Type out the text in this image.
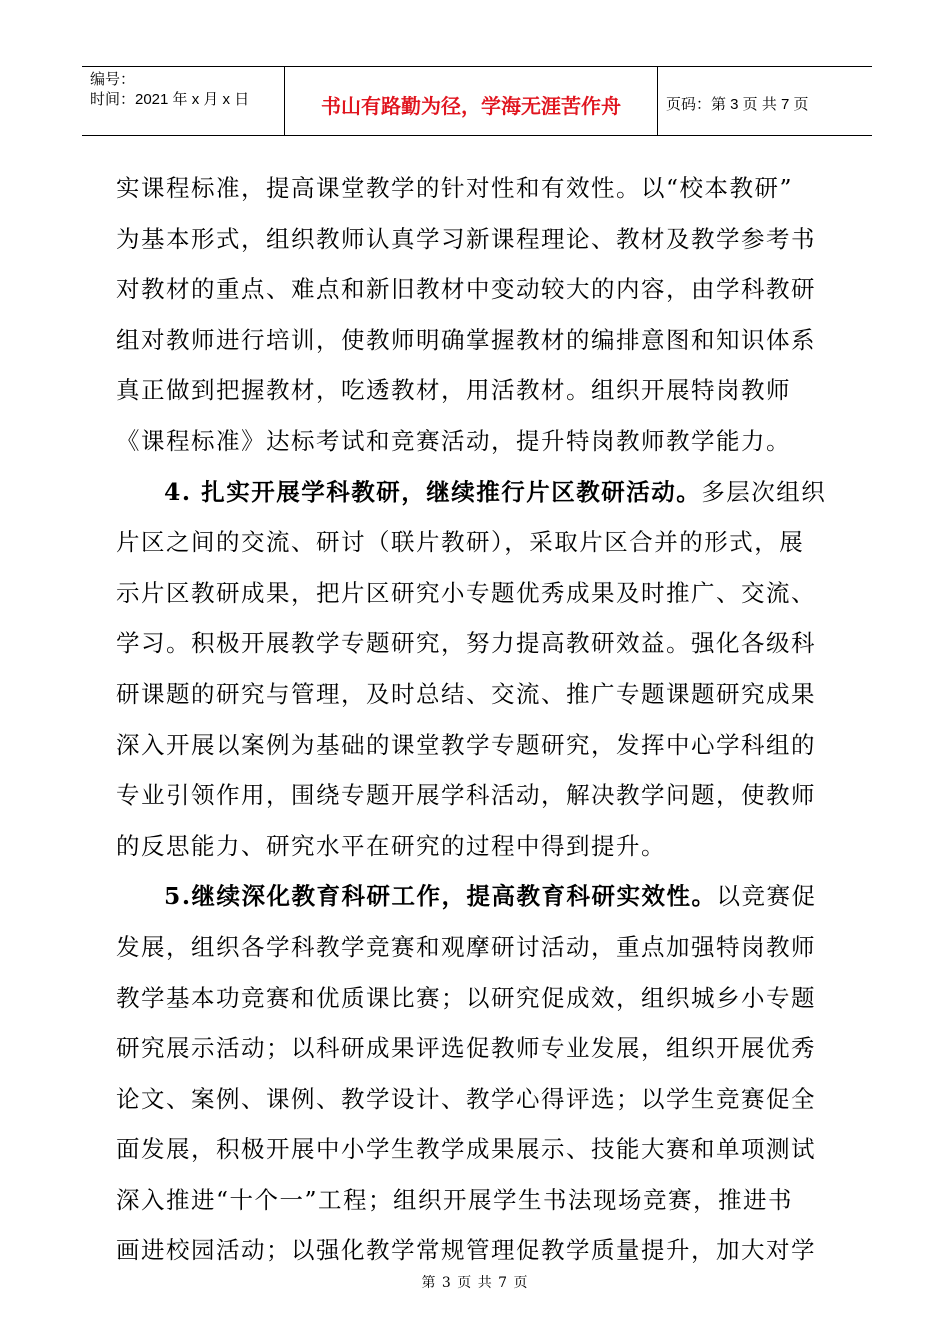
编号：
时间：2021 年 x 月 x 日	书山有路勤为径，学海无涯苦作舟	页码：第 3 页 共 7 页

实课程标准，提高课堂教学的针对性和有效性。以“校本教研”

为基本形式，组织教师认真学习新课程理论、教材及教学参考书

对教材的重点、难点和新旧教材中变动较大的内容，由学科教研

组对教师进行培训，使教师明确掌握教材的编排意图和知识体系

真正做到把握教材，吃透教材，用活教材。组织开展特岗教师

《课程标准》达标考试和竞赛活动，提升特岗教师教学能力。

4. 扎实开展学科教研，继续推行片区教研活动。多层次组织

片区之间的交流、研讨（联片教研），采取片区合并的形式，展

示片区教研成果，把片区研究小专题优秀成果及时推广、交流、

学习。积极开展教学专题研究，努力提高教研效益。强化各级科

研课题的研究与管理，及时总结、交流、推广专题课题研究成果

深入开展以案例为基础的课堂教学专题研究，发挥中心学科组的

专业引领作用，围绕专题开展学科活动，解决教学问题，使教师

的反思能力、研究水平在研究的过程中得到提升。

5.继续深化教育科研工作，提高教育科研实效性。以竞赛促

发展，组织各学科教学竞赛和观摩研讨活动，重点加强特岗教师

教学基本功竞赛和优质课比赛；以研究促成效，组织城乡小专题

研究展示活动；以科研成果评选促教师专业发展，组织开展优秀

论文、案例、课例、教学设计、教学心得评选；以学生竞赛促全

面发展，积极开展中小学生教学成果展示、技能大赛和单项测试

深入推进“十个一”工程；组织开展学生书法现场竞赛，推进书

画进校园活动；以强化教学常规管理促教学质量提升，加大对学

第 3 页 共 7 页
